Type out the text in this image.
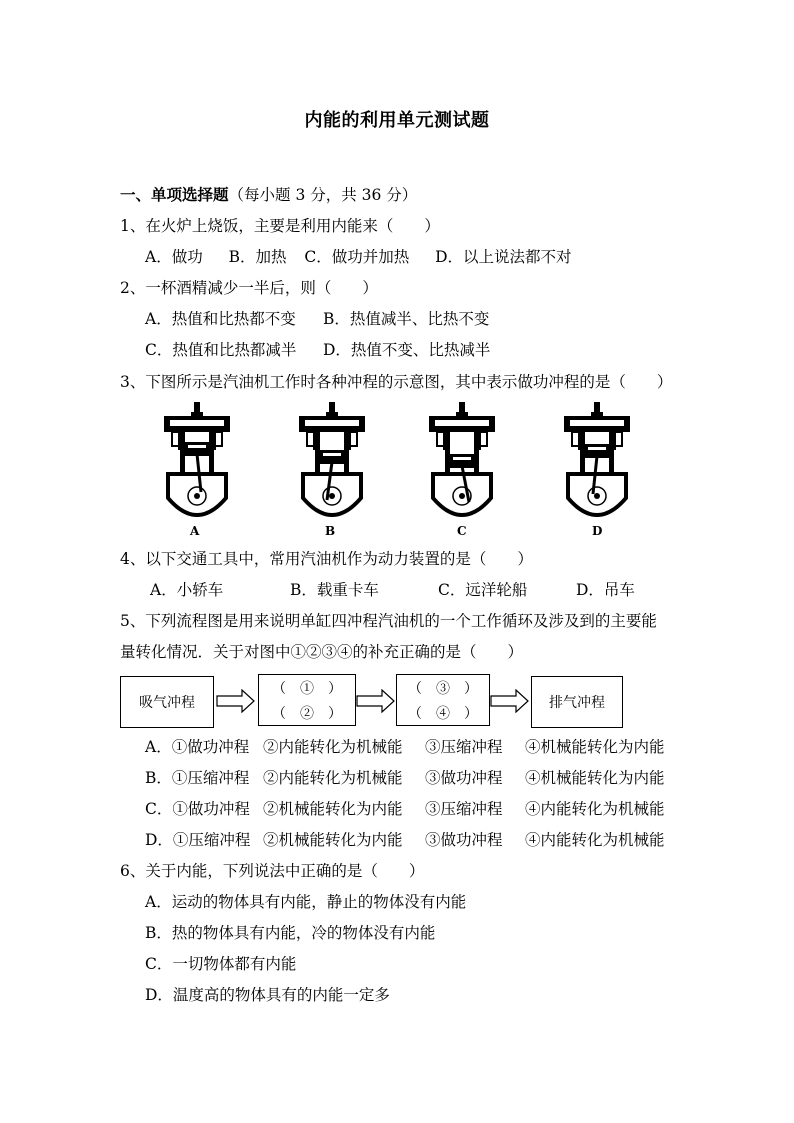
内能的利用单元测试题
一、单项选择题（每小题 3 分，共 36 分）
1、在火炉上烧饭，主要是利用内能来（　　）
A．做功 B．加热 C．做功并加热 D．以上说法都不对
2、一杯酒精减少一半后，则（　　）
A．热值和比热都不变 B．热值减半、比热不变
C．热值和比热都减半 D．热值不变、比热减半
3、下图所示是汽油机工作时各种冲程的示意图，其中表示做功冲程的是（　　）
A	B	C	D
4、以下交通工具中，常用汽油机作为动力装置的是（　　）
A．小轿车	B．载重卡车	C．远洋轮船	D．吊车
5、下列流程图是用来说明单缸四冲程汽油机的一个工作循环及涉及到的主要能
量转化情况．关于对图中①②③④的补充正确的是（　　）
吸气冲程
（　①　）
（　②　）
（　③　）
（　④　）
排气冲程
A．①做功冲程 ②内能转化为机械能 ③压缩冲程 ④机械能转化为内能
B．①压缩冲程 ②内能转化为机械能 ③做功冲程 ④机械能转化为内能
C．①做功冲程 ②机械能转化为内能 ③压缩冲程 ④内能转化为机械能
D．①压缩冲程 ②机械能转化为内能 ③做功冲程 ④内能转化为机械能
6、关于内能，下列说法中正确的是（　　）
A．运动的物体具有内能，静止的物体没有内能
B．热的物体具有内能，冷的物体没有内能
C．一切物体都有内能
D．温度高的物体具有的内能一定多
